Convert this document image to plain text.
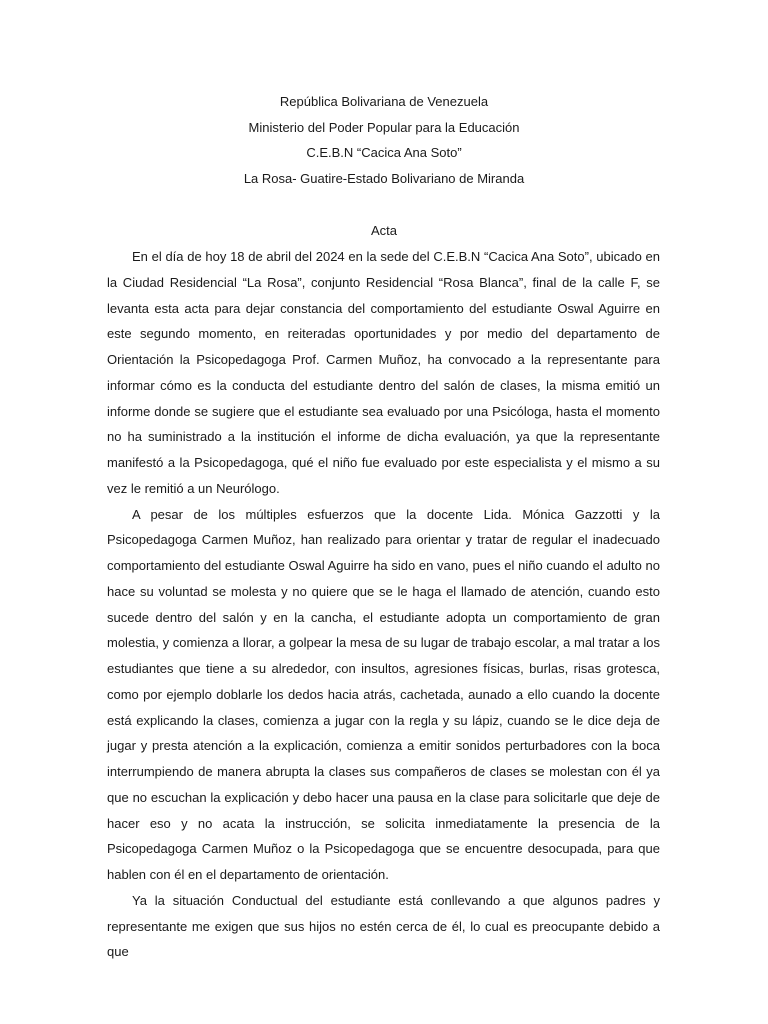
República Bolivariana de Venezuela
Ministerio del Poder Popular para la Educación
C.E.B.N “Cacica Ana Soto”
La Rosa- Guatire-Estado Bolivariano de Miranda
Acta

En el día de hoy 18 de abril del 2024 en la sede del C.E.B.N “Cacica Ana Soto”, ubicado en la Ciudad Residencial “La Rosa”, conjunto Residencial “Rosa Blanca”, final de la calle F, se levanta esta acta para dejar constancia del comportamiento del estudiante Oswal Aguirre en este segundo momento, en reiteradas oportunidades y por medio del departamento de Orientación la Psicopedagoga Prof. Carmen Muñoz, ha convocado a la representante para informar cómo es la conducta del estudiante dentro del salón de clases, la misma emitió un informe donde se sugiere que el estudiante sea evaluado por una Psicóloga, hasta el momento no ha suministrado a la institución el informe de dicha evaluación, ya que la representante manifestó a la Psicopedagoga, qué el niño fue evaluado por este especialista y el mismo a su vez le remitió a un Neurólogo.

A pesar de los múltiples esfuerzos que la docente Lida. Mónica Gazzotti y la Psicopedagoga Carmen Muñoz, han realizado para orientar y tratar de regular el inadecuado comportamiento del estudiante Oswal Aguirre ha sido en vano, pues el niño cuando el adulto no hace su voluntad se molesta y no quiere que se le haga el llamado de atención, cuando esto sucede dentro del salón y en la cancha, el estudiante adopta un comportamiento de gran molestia, y comienza a llorar, a golpear la mesa de su lugar de trabajo escolar, a mal tratar a los estudiantes que tiene a su alrededor, con insultos, agresiones físicas, burlas, risas grotesca, como por ejemplo doblarle los dedos hacia atrás, cachetada, aunado a ello cuando la docente está explicando la clases, comienza a jugar con la regla y su lápiz, cuando se le dice deja de jugar y presta atención a la explicación, comienza a emitir sonidos perturbadores con la boca interrumpiendo de manera abrupta la clases sus compañeros de clases se molestan con él ya que no escuchan la explicación y debo hacer una pausa en la clase para solicitarle que deje de hacer eso y no acata la instrucción, se solicita inmediatamente la presencia de la Psicopedagoga Carmen Muñoz o la Psicopedagoga que se encuentre desocupada, para que hablen con él en el departamento de orientación.

Ya la situación Conductual del estudiante está conllevando a que algunos padres y representante me exigen que sus hijos no estén cerca de él, lo cual es preocupante debido a que
